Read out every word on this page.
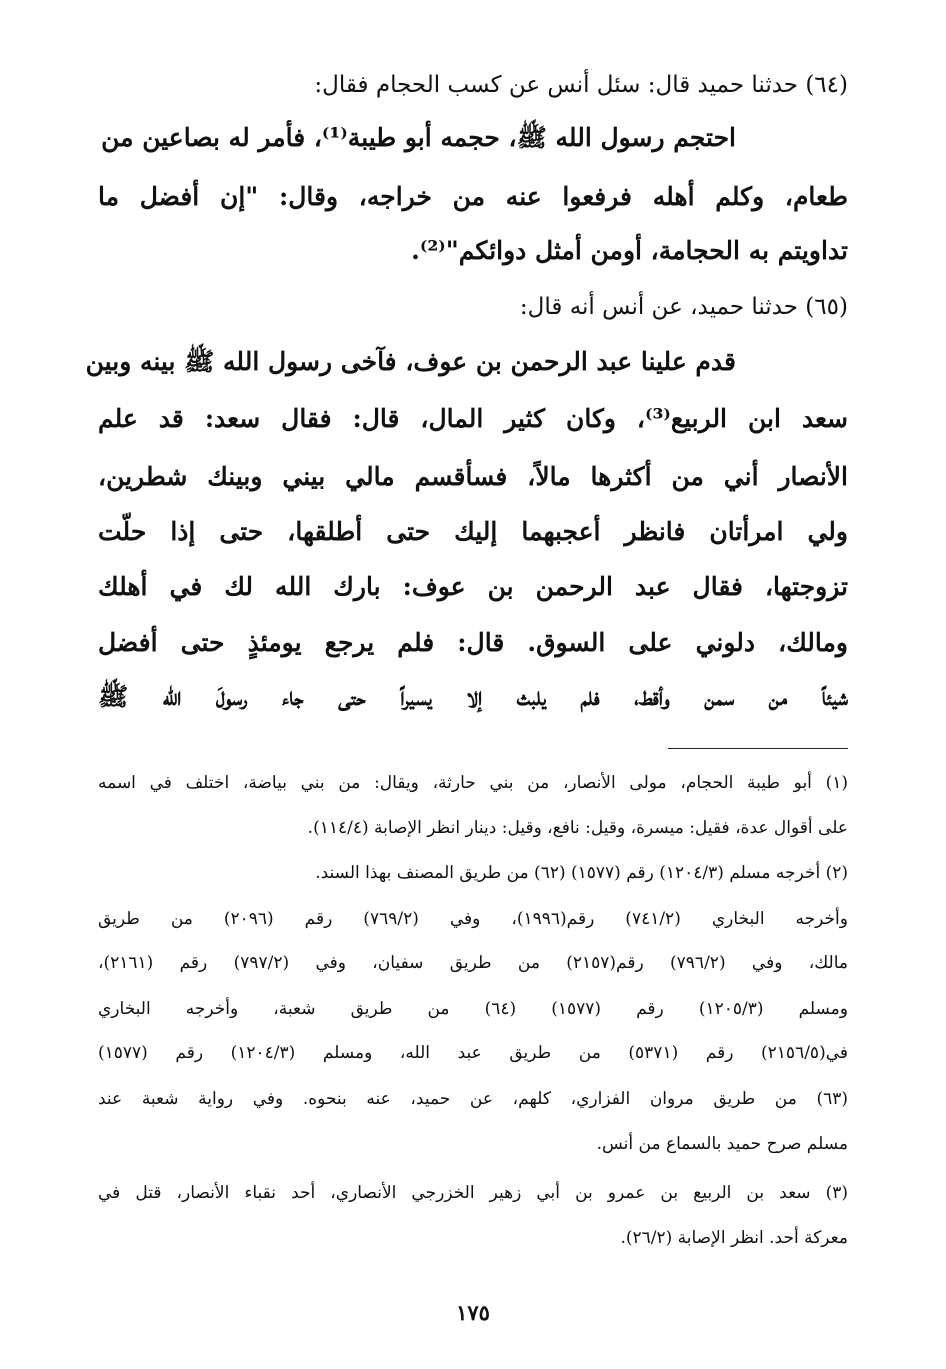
(٦٤) حدثنا حميد قال: سئل أنس عن كسب الحجام فقال:
احتجم رسول الله ﷺ، حجمه أبو طيبة⁽¹⁾، فأمر له بصاعين من
طعام، وكلم أهله فرفعوا عنه من خراجه، وقال: "إن أفضل ما
تداويتم به الحجامة، أومن أمثل دوائكم"⁽²⁾.
(٦٥) حدثنا حميد، عن أنس أنه قال:
قدم علينا عبد الرحمن بن عوف، فآخى رسول الله ﷺ بينه وبين
سعد ابن الربيع⁽³⁾، وكان كثير المال، قال: فقال سعد: قد علم
الأنصار أني من أكثرها مالاً، فسأقسم مالي بيني وبينك شطرين،
ولي امرأتان فانظر أعجبهما إليك حتى أطلقها، حتى إذا حلّت
تزوجتها، فقال عبد الرحمن بن عوف: بارك الله لك في أهلك
ومالك، دلوني على السوق. قال: فلم يرجع يومئذٍ حتى أفضل
شيئاً من سمن وأقط، فلم يلبث إلا يسيراً حتى جاء رسولَ الله ﷺ
(١) أبو طيبة الحجام، مولى الأنصار، من بني حارثة، ويقال: من بني بياضة، اختلف في اسمه
على أقوال عدة، فقيل: ميسرة، وقيل: نافع، وقيل: دينار انظر الإصابة (١١٤/٤).
(٢) أخرجه مسلم (١٢٠٤/٣) رقم (١٥٧٧) (٦٢) من طريق المصنف بهذا السند.
وأخرجه البخاري (٧٤١/٢) رقم(١٩٩٦)، وفي (٧٦٩/٢) رقم (٢٠٩٦) من طريق
مالك، وفي (٧٩٦/٢) رقم(٢١٥٧) من طريق سفيان، وفي (٧٩٧/٢) رقم (٢١٦١)،
ومسلم (١٢٠٥/٣) رقم (١٥٧٧) (٦٤) من طريق شعبة، وأخرجه البخاري
في(٢١٥٦/٥) رقم (٥٣٧١) من طريق عبد الله، ومسلم (١٢٠٤/٣) رقم (١٥٧٧)
(٦٣) من طريق مروان الفزاري، كلهم، عن حميد، عنه بنحوه. وفي رواية شعبة عند
مسلم صرح حميد بالسماع من أنس.
(٣) سعد بن الربيع بن عمرو بن أبي زهير الخزرجي الأنصاري، أحد نقباء الأنصار، قتل في
معركة أحد. انظر الإصابة (٢٦/٢).
١٧٥
